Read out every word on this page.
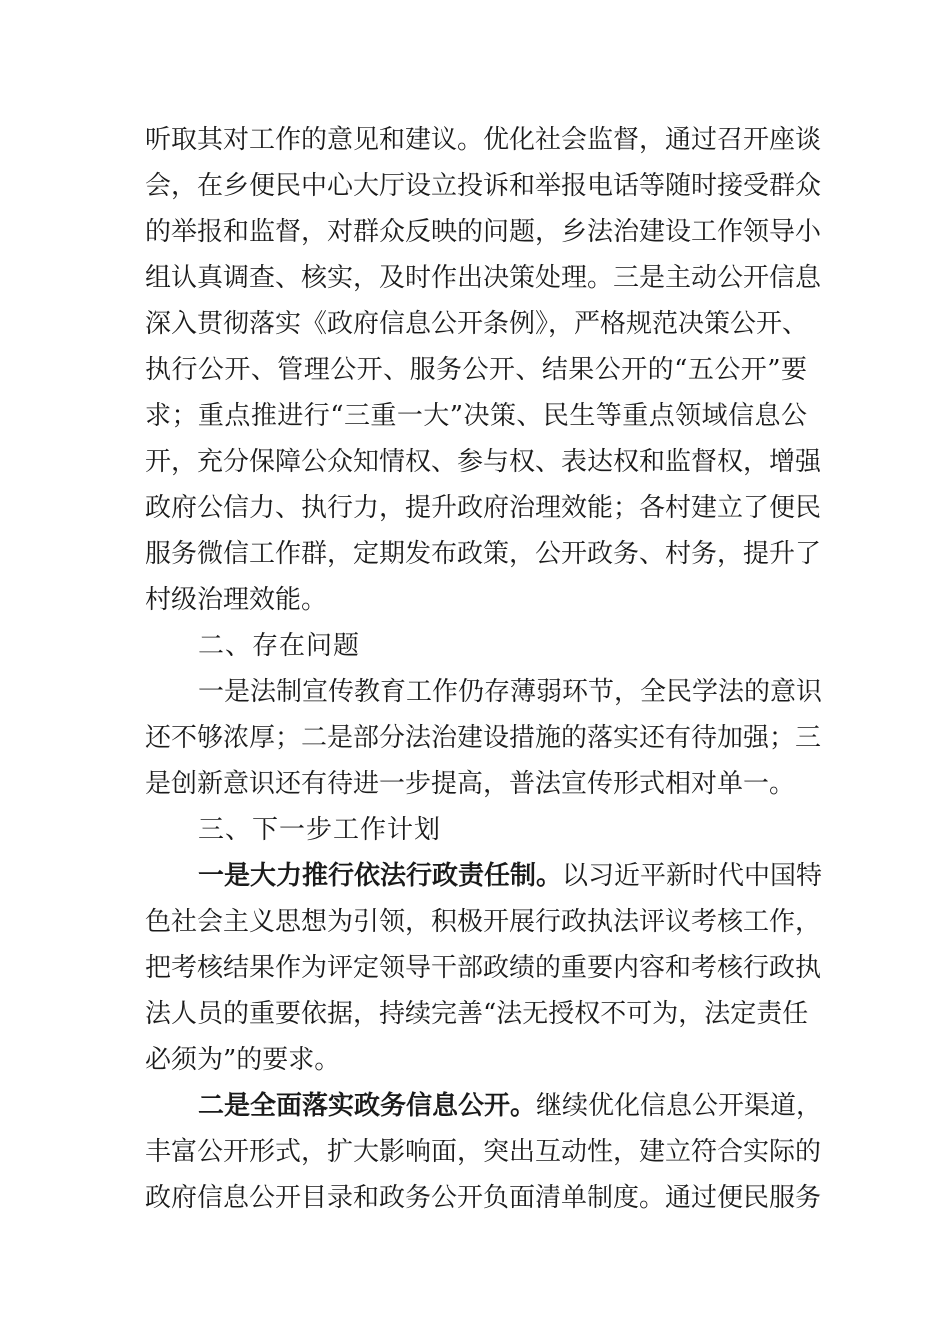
听取其对工作的意见和建议。优化社会监督，通过召开座谈
会，在乡便民中心大厅设立投诉和举报电话等随时接受群众
的举报和监督，对群众反映的问题，乡法治建设工作领导小
组认真调查、核实，及时作出决策处理。三是主动公开信息
深入贯彻落实《政府信息公开条例》，严格规范决策公开、
执行公开、管理公开、服务公开、结果公开的“五公开”要
求；重点推进行“三重一大”决策、民生等重点领域信息公
开，充分保障公众知情权、参与权、表达权和监督权，增强
政府公信力、执行力，提升政府治理效能；各村建立了便民
服务微信工作群，定期发布政策，公开政务、村务，提升了
村级治理效能。
二、存在问题
一是法制宣传教育工作仍存薄弱环节，全民学法的意识
还不够浓厚；二是部分法治建设措施的落实还有待加强；三
是创新意识还有待进一步提高，普法宣传形式相对单一。
三、下一步工作计划
一是大力推行依法行政责任制。以习近平新时代中国特
色社会主义思想为引领，积极开展行政执法评议考核工作，
把考核结果作为评定领导干部政绩的重要内容和考核行政执
法人员的重要依据，持续完善“法无授权不可为，法定责任
必须为”的要求。
二是全面落实政务信息公开。继续优化信息公开渠道，
丰富公开形式，扩大影响面，突出互动性，建立符合实际的
政府信息公开目录和政务公开负面清单制度。通过便民服务
